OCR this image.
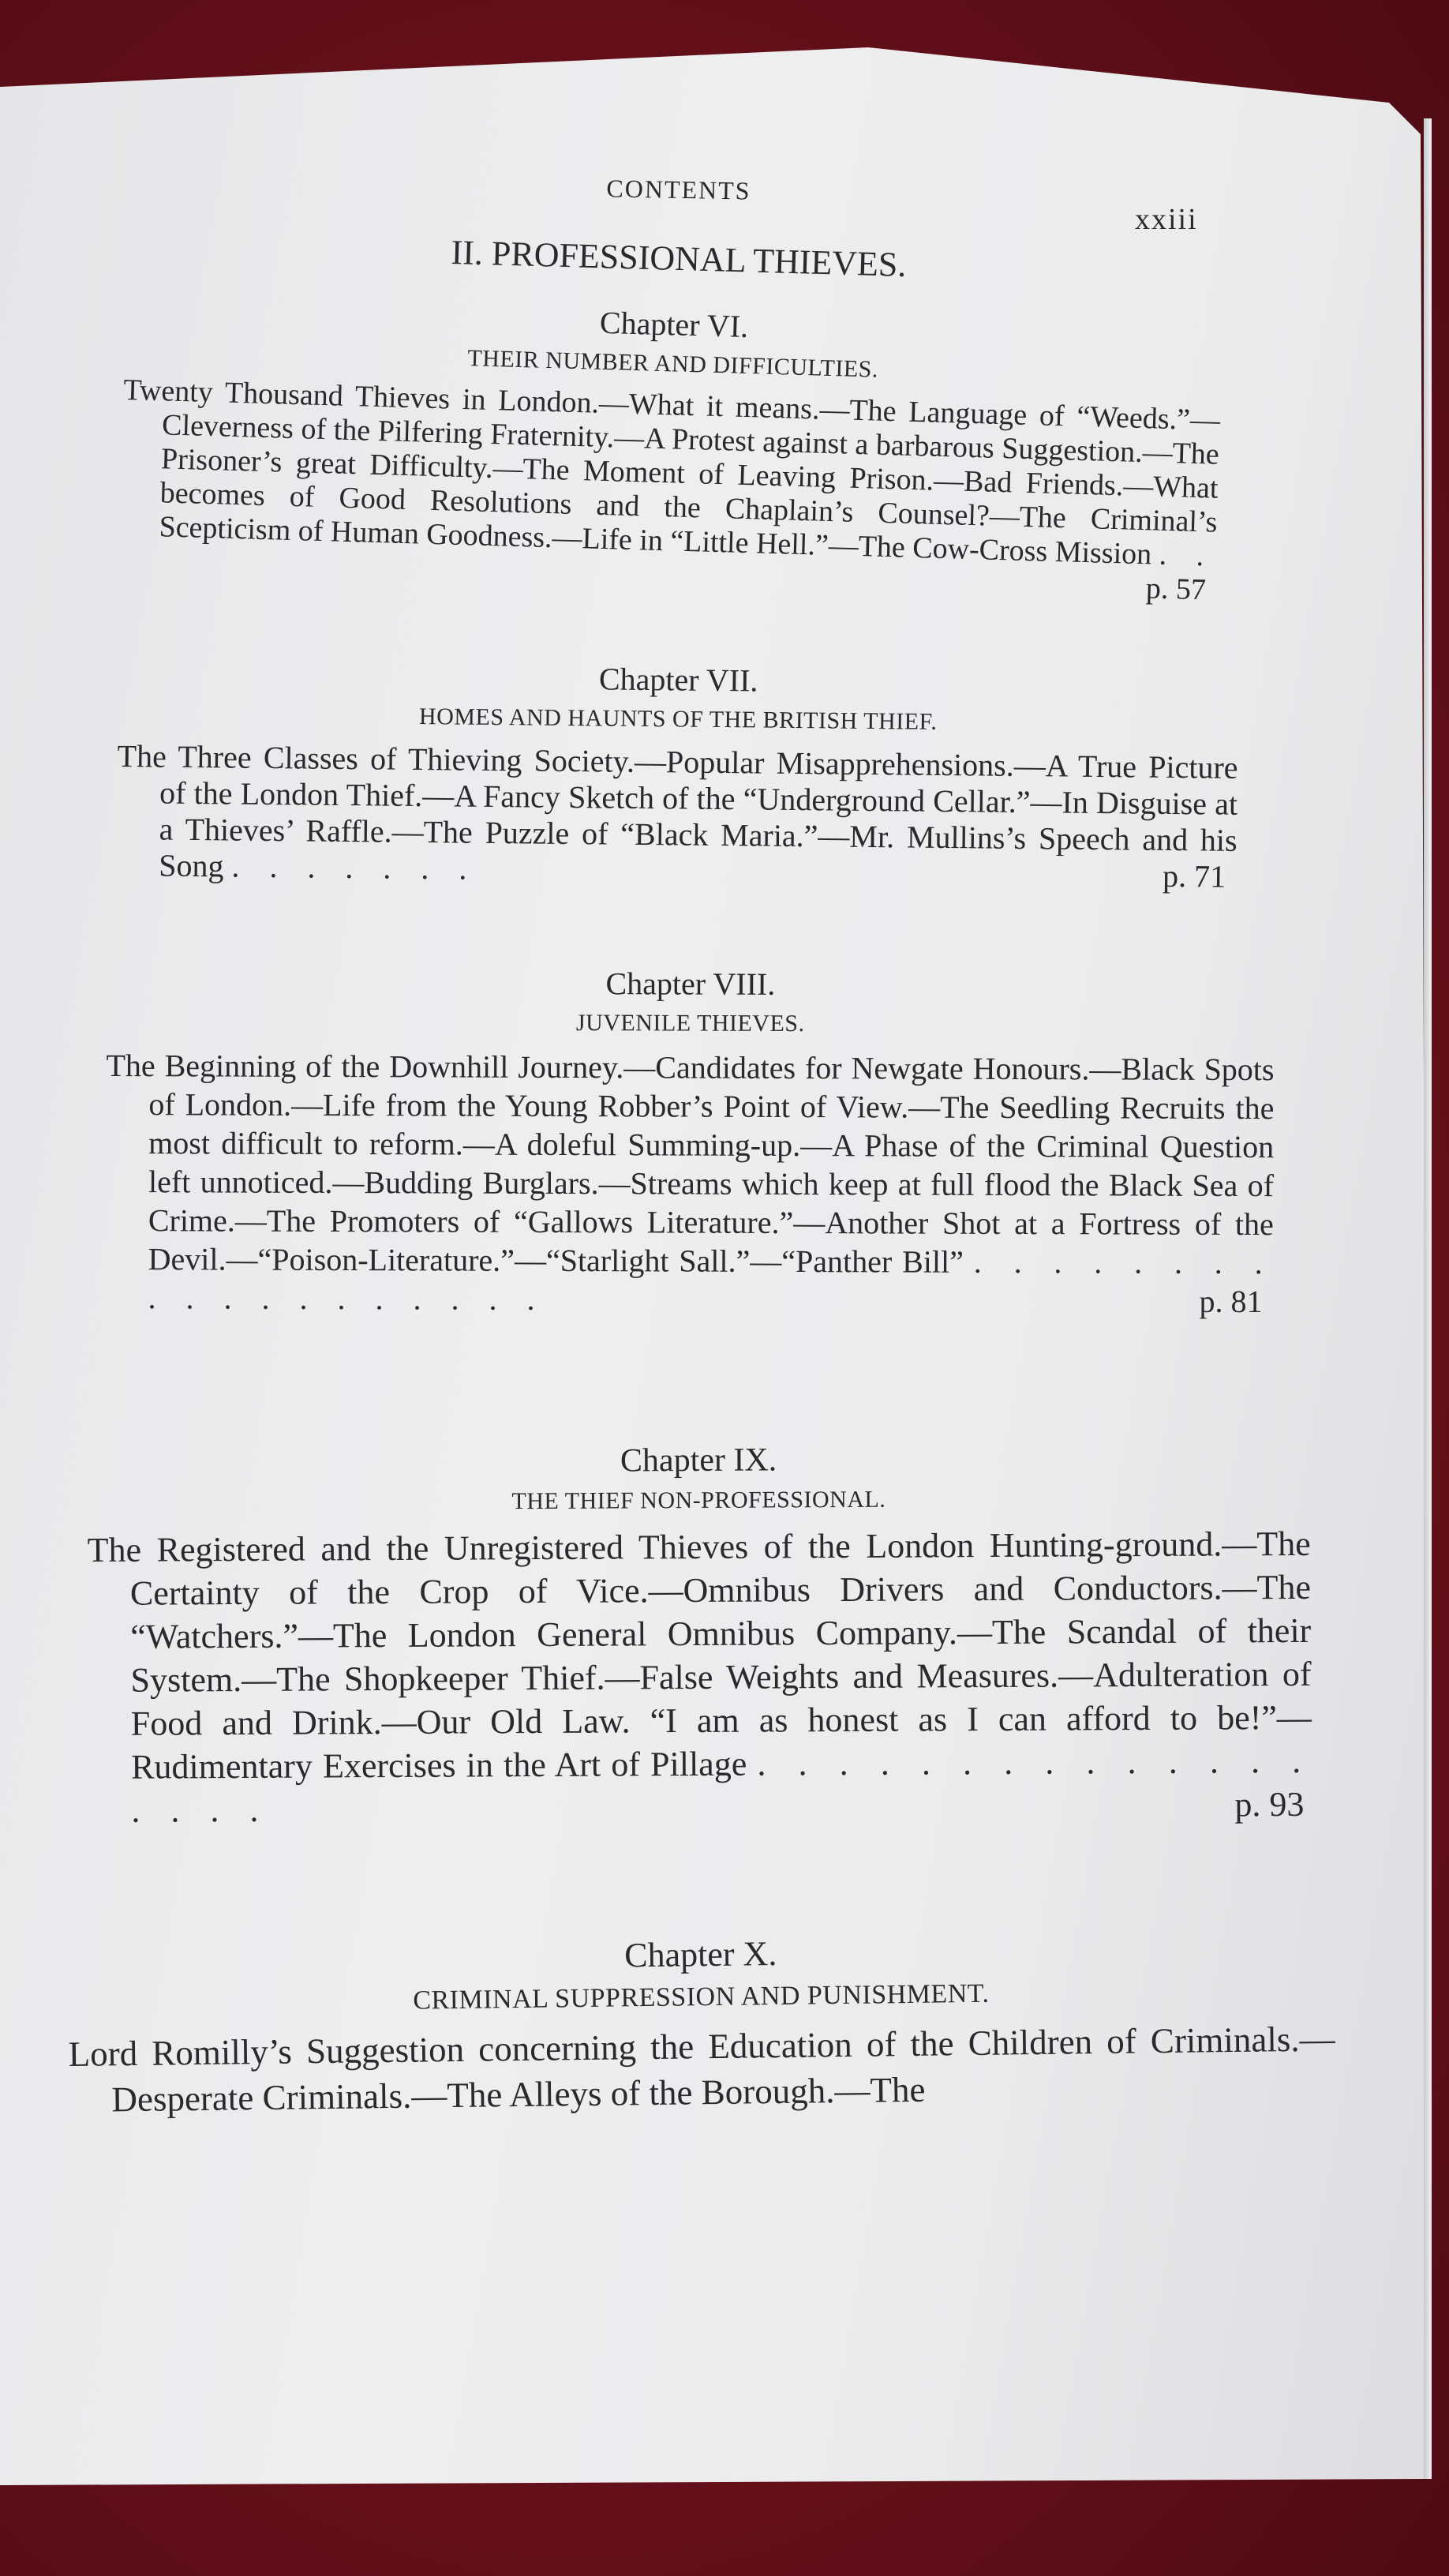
CONTENTS
xxiii
II. PROFESSIONAL THIEVES.
Chapter VI.
THEIR NUMBER AND DIFFICULTIES.
Twenty Thousand Thieves in London.—What it means.—The Language of “Weeds.”—Cleverness of the Pilfering Fraternity.—A Protest against a barbarous Suggestion.—The Prisoner’s great Difficulty.—The Moment of Leaving Prison.—Bad Friends.—What becomes of Good Resolutions and the Chaplain’s Counsel?—The Criminal’s Scepticism of Human Goodness.—Life in “Little Hell.”—The Cow-Cross Mission . .
p. 57
Chapter VII.
HOMES AND HAUNTS OF THE BRITISH THIEF.
The Three Classes of Thieving Society.—Popular Misapprehensions.—A True Picture of the London Thief.—A Fancy Sketch of the “Underground Cellar.”—In Disguise at a Thieves’ Raffle.—The Puzzle of “Black Maria.”—Mr. Mullins’s Speech and his Song . . . . . . .	p. 71
Chapter VIII.
JUVENILE THIEVES.
The Beginning of the Downhill Journey.—Candidates for Newgate Honours.—Black Spots of London.—Life from the Young Robber’s Point of View.—The Seedling Recruits the most difficult to reform.—A doleful Summing-up.—A Phase of the Criminal Question left unnoticed.—Budding Burglars.—Streams which keep at full flood the Black Sea of Crime.—The Promoters of “Gallows Literature.”—Another Shot at a Fortress of the Devil.—“Poison-Literature.”—“Starlight Sall.”—“Panther Bill” . . . . . . . . . . . . . . . . . . .	p. 81
Chapter IX.
THE THIEF NON-PROFESSIONAL.
The Registered and the Unregistered Thieves of the London Hunting-ground.—The Certainty of the Crop of Vice.—Omnibus Drivers and Conductors.—The “Watchers.”—The London General Omnibus Company.—The Scandal of their System.—The Shopkeeper Thief.—False Weights and Measures.—Adulteration of Food and Drink.—Our Old Law. “I am as honest as I can afford to be!”—Rudimentary Exercises in the Art of Pillage . . . . . . . . . . . . . . . . . .	p. 93
Chapter X.
CRIMINAL SUPPRESSION AND PUNISHMENT.
Lord Romilly’s Suggestion concerning the Education of the Children of Criminals.—Desperate Criminals.—The Alleys of the Borough.—The
